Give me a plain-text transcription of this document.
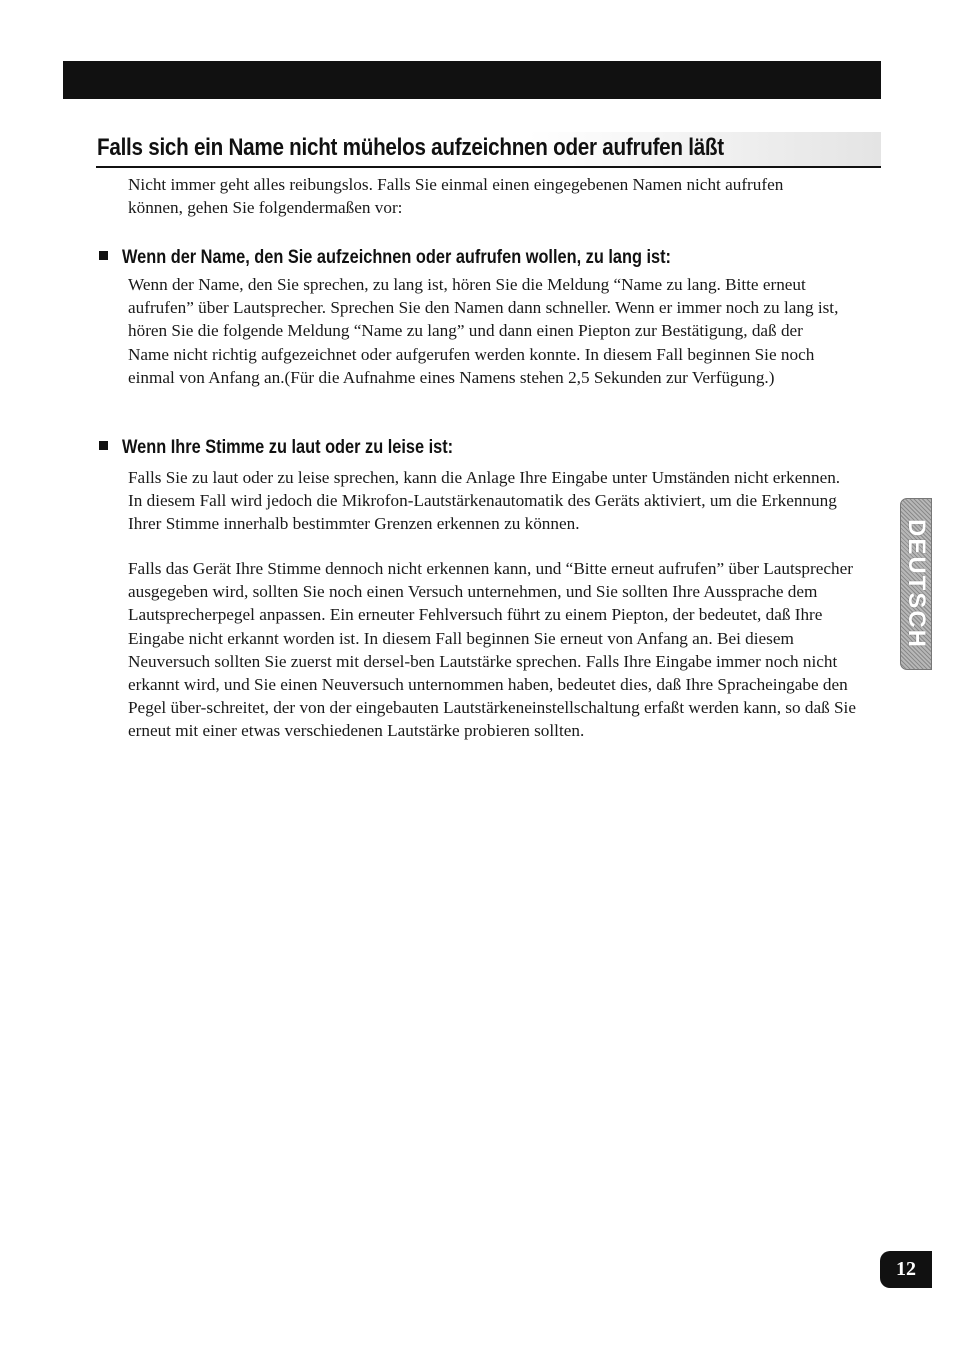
Falls sich ein Name nicht mühelos aufzeichnen oder aufrufen läßt

Nicht immer geht alles reibungslos. Falls Sie einmal einen eingegebenen Namen nicht aufrufen können, gehen Sie folgendermaßen vor:

Wenn der Name, den Sie aufzeichnen oder aufrufen wollen, zu lang ist:

Wenn der Name, den Sie sprechen, zu lang ist, hören Sie die Meldung “Name zu lang. Bitte erneut aufrufen” über Lautsprecher. Sprechen Sie den Namen dann schneller. Wenn er immer noch zu lang ist, hören Sie die folgende Meldung “Name zu lang” und dann einen Piepton zur Bestätigung, daß der Name nicht richtig aufgezeichnet oder aufgerufen werden konnte. In diesem Fall beginnen Sie noch einmal von Anfang an.(Für die Aufnahme eines Namens stehen 2,5 Sekunden zur Verfügung.)

Wenn Ihre Stimme zu laut oder zu leise ist:

Falls Sie zu laut oder zu leise sprechen, kann die Anlage Ihre Eingabe unter Umständen nicht erkennen. In diesem Fall wird jedoch die Mikrofon-Lautstärkenautomatik des Geräts aktiviert, um die Erkennung Ihrer Stimme innerhalb bestimmter Grenzen erkennen zu können.

Falls das Gerät Ihre Stimme dennoch nicht erkennen kann, und “Bitte erneut aufrufen” über Lautsprecher ausgegeben wird, sollten Sie noch einen Versuch unternehmen, und Sie sollten Ihre Aussprache dem Lautsprecherpegel anpassen. Ein erneuter Fehlversuch führt zu einem Piepton, der bedeutet, daß Ihre Eingabe nicht erkannt worden ist. In diesem Fall beginnen Sie erneut von Anfang an. Bei diesem Neuversuch sollten Sie zuerst mit dersel-ben Lautstärke sprechen. Falls Ihre Eingabe immer noch nicht erkannt wird, und Sie einen Neuversuch unternommen haben, bedeutet dies, daß Ihre Spracheingabe den Pegel über-schreitet, der von der eingebauten Lautstärkeneinstellschaltung erfaßt werden kann, so daß Sie erneut mit einer etwas verschiedenen Lautstärke probieren sollten.

DEUTSCH
12
